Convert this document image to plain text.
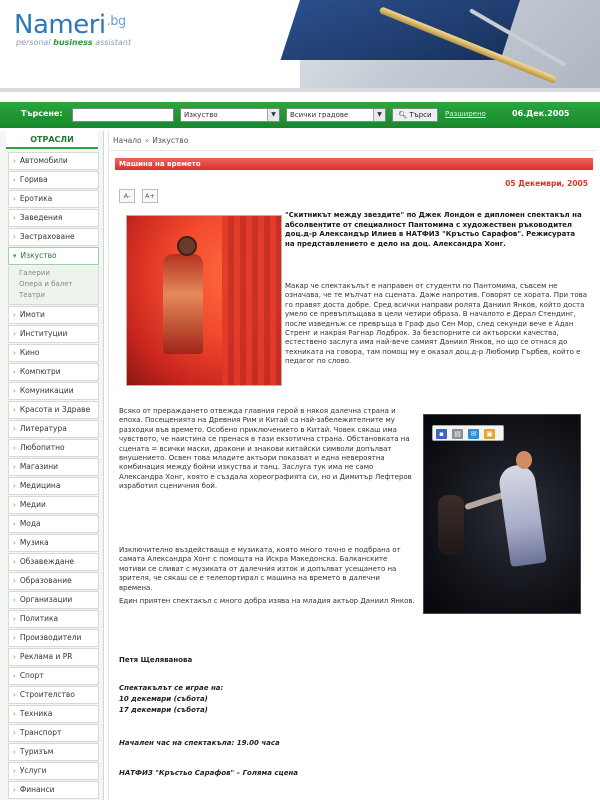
Nameri$^{.bg}$
personal business assistant
Търсене:	Изкуство	▼	Всички градове	▼	🔍︎ Търси	Разширено	06.Дек.2005
ОТРАСЛИ
› Автомобили
› Горива
› Еротика
› Заведения
› Застраховане
▾ Изкуство
Галерии
Опера и балет
Театри
› Имоти
› Институции
› Кино
› Компютри
› Комуникации
› Красота и Здраве
› Литература
› Любопитно
› Магазини
› Медицина
› Медии
› Мода
› Музика
› Обзавеждане
› Образование
› Организации
› Политика
› Производители
› Реклама и PR
› Спорт
› Строителство
› Техника
› Транспорт
› Туризъм
› Услуги
› Финанси
Начало » Изкуство
Машина на времето
05 Декември, 2005
A-	A+

"Скитникът между звездите" по Джек Лондон е дипломен спектакъл на абсолвентите от специалност Пантомима с художествен ръководител доц.д-р Александър Илиев в НАТФИЗ "Кръстьо Сарафов". Режисурата на представлението е дело на доц. Александра Хонг.

Макар че спектакълът е направен от студенти по Пантомима, съвсем не означава, че те мълчат на сцената. Даже напротив. Говорят се хората. При това го правят доста добре. Сред всички направи ролята Даниил Янков, който доста умело се превъплъщава в цели четири образа. В началото е Дерал Стендинг, после изведнъж се превръща в Граф дьо Сен Мор, след секунди вече е Адан Стренг и накрая Рагнар Лодброк. За безспорните си актьорски качества, естествено заслуга има най-вече самият Даниил Янков, но що се отнася до техниката на говора, там помощ му е оказал доц.д-р Любомир Гърбев, който е педагог по слово.

Всяко от прераждането отвежда главния герой в някоя далечна страна и епоха. Посещенията на Древния Рим и Китай са най-забележителните му разходки във времето. Особено приключението в Китай. Човек сякаш има чувството, че наистина се пренася в тази екзотична страна. Обстановката на сцената = всички маски, дракони и знакови китайски символи допълват внушението. Освен това младите актьори показват и една невероятна комбинация между бойни изкуства и танц. Заслуга тук има не само Александра Хонг, която е създала хореографията си, но и Димитър Лефтеров изработил сценичния бой.

▪	▤	✉	▣

Изключително въздействаща е музиката, която много точно е подбрана от самата Александра Хонг с помощта на Искра Македонска. Балканските мотиви се сливат с музиката от далечния изток и допълват усещането на зрителя, че сякаш се е телепортирал с машина на времето в далечни времена.

Един приятен спектакъл с много добра изява на младия актьор Даниил Янков.

Петя Щеляванова
Спектакълът се играе на:
10 декември (събота)
17 декември (събота)
Начален час на спектакъла: 19.00 часа
НАТФИЗ "Кръстьо Сарафов" – Голяма сцена
